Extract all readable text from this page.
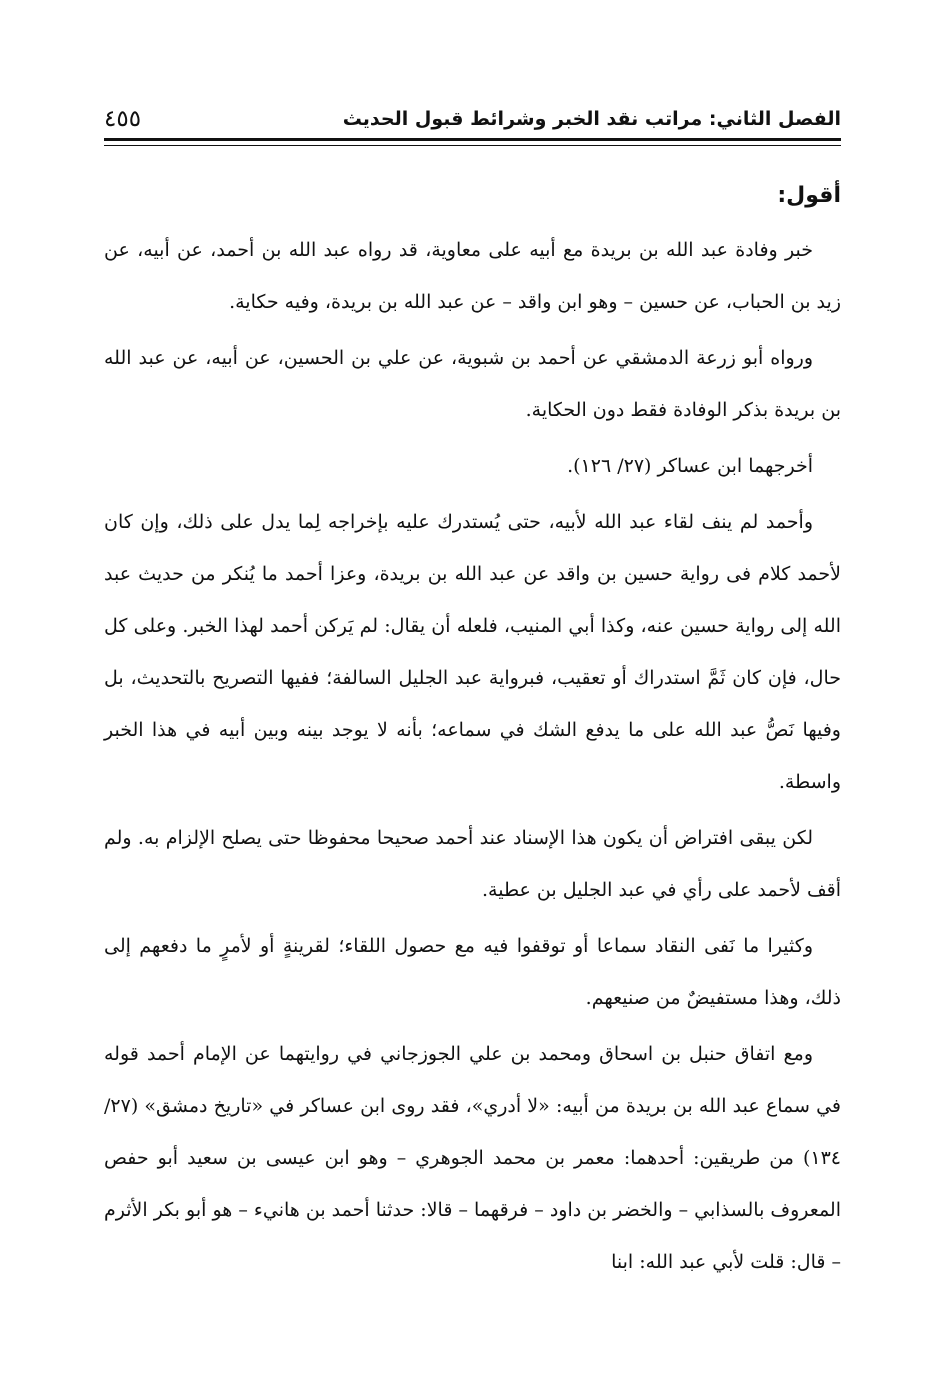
الفصل الثاني: مراتب نقد الخبر وشرائط قبول الحديث
٤٥٥
أقول:

خبر وفادة عبد الله بن بريدة مع أبيه على معاوية، قد رواه عبد الله بن أحمد، عن أبيه، عن زيد بن الحباب، عن حسين – وهو ابن واقد – عن عبد الله بن بريدة، وفيه حكاية.

ورواه أبو زرعة الدمشقي عن أحمد بن شبوية، عن علي بن الحسين، عن أبيه، عن عبد الله بن بريدة بذكر الوفادة فقط دون الحكاية.

أخرجهما ابن عساكر (٢٧/ ١٢٦).

وأحمد لم ينف لقاء عبد الله لأبيه، حتى يُستدرك عليه بإخراجه لِما يدل على ذلك، وإن كان لأحمد كلام فى رواية حسين بن واقد عن عبد الله بن بريدة، وعزا أحمد ما يُنكر من حديث عبد الله إلى رواية حسين عنه، وكذا أبي المنيب، فلعله أن يقال: لم يَركن أحمد لهذا الخبر. وعلى كل حال، فإن كان ثَمَّ استدراك أو تعقيب، فبرواية عبد الجليل السالفة؛ ففيها التصريح بالتحديث، بل وفيها نَصُّ عبد الله على ما يدفع الشك في سماعه؛ بأنه لا يوجد بينه وبين أبيه في هذا الخبر واسطة.

لكن يبقى افتراض أن يكون هذا الإسناد عند أحمد صحيحا محفوظا حتى يصلح الإلزام به. ولم أقف لأحمد على رأي في عبد الجليل بن عطية.

وكثيرا ما نَفى النقاد سماعا أو توقفوا فيه مع حصول اللقاء؛ لقرينةٍ أو لأمرٍ ما دفعهم إلى ذلك، وهذا مستفيضٌ من صنيعهم.

ومع اتفاق حنبل بن اسحاق ومحمد بن علي الجوزجاني في روايتهما عن الإمام أحمد قوله في سماع عبد الله بن بريدة من أبيه: «لا أدري»، فقد روى ابن عساكر في «تاريخ دمشق» (٢٧/ ١٣٤) من طريقين: أحدهما: معمر بن محمد الجوهري – وهو ابن عيسى بن سعيد أبو حفص المعروف بالسذابي – والخضر بن داود – فرقهما – قالا: حدثنا أحمد بن هانيء – هو أبو بكر الأثرم – قال: قلت لأبي عبد الله: ابنا
